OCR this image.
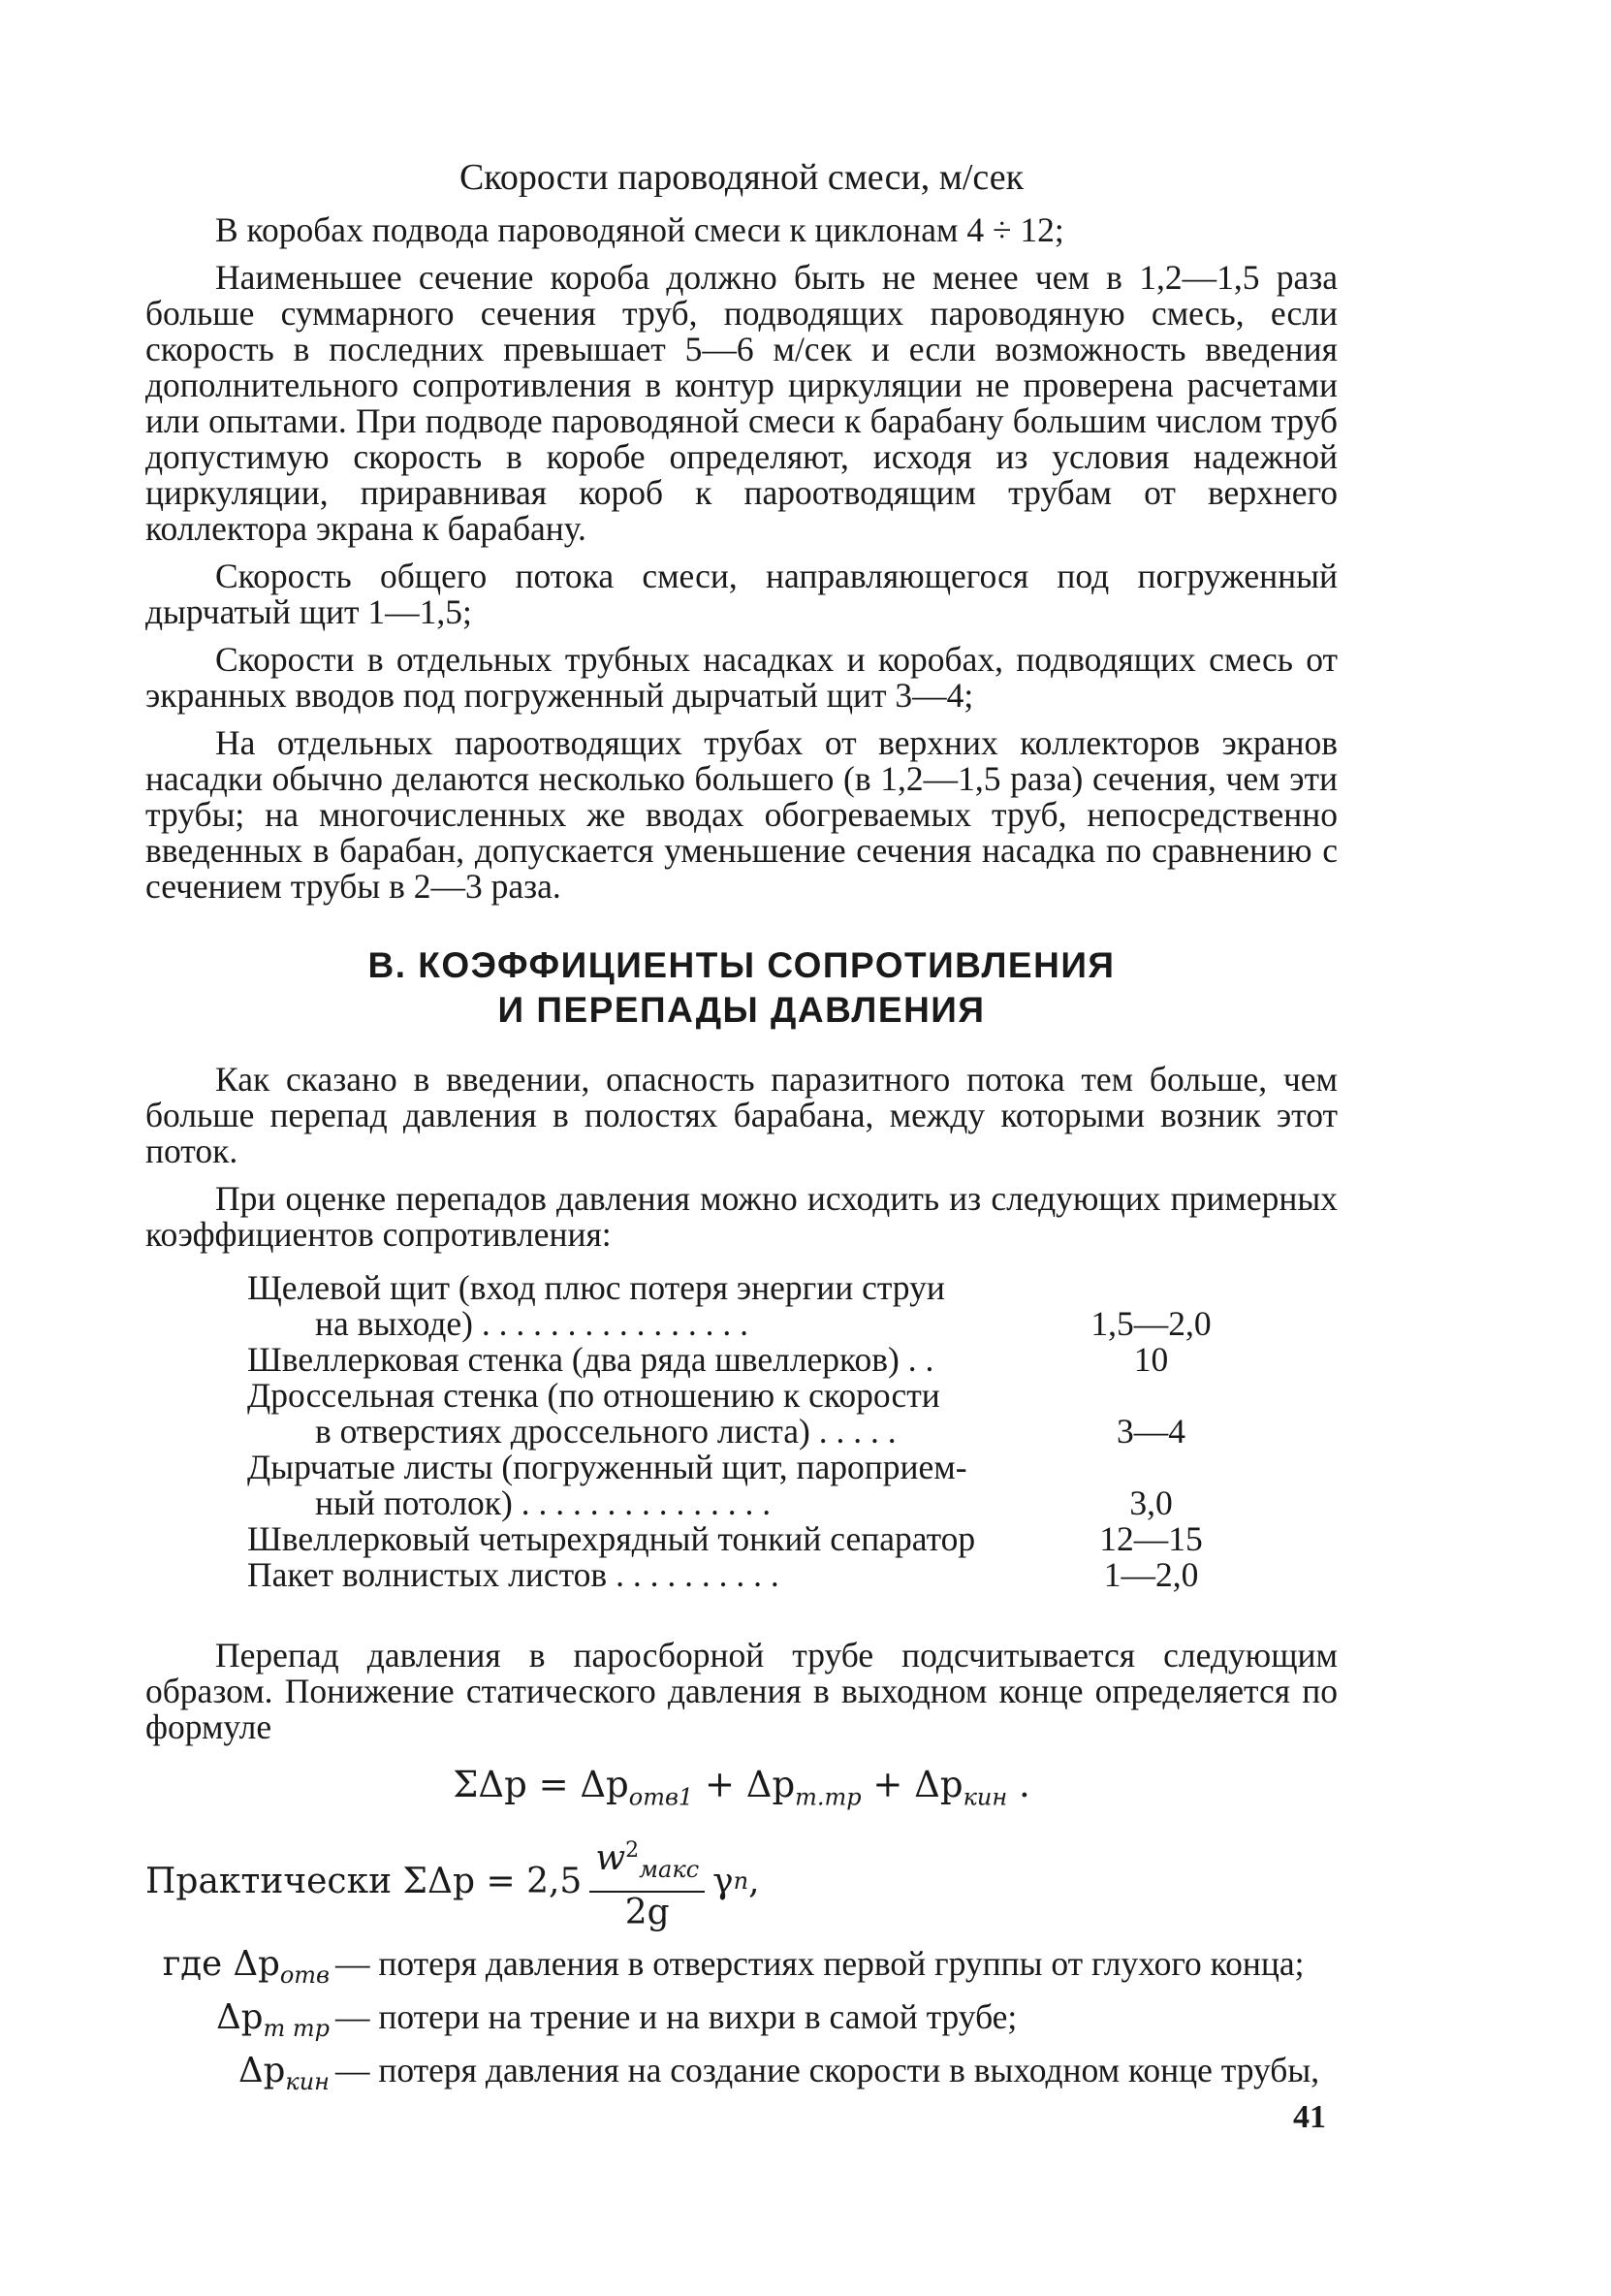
Скорости пароводяной смеси, м/сек

В коробах подвода пароводяной смеси к циклонам 4 ÷ 12;

Наименьшее сечение короба должно быть не менее чем в 1,2—1,5 раза больше суммарного сечения труб, подводящих пароводяную смесь, если скорость в последних превышает 5—6 м/сек и если возможность введения дополнительного сопротивления в контур циркуляции не проверена расчетами или опытами. При подводе пароводяной смеси к барабану большим числом труб допустимую скорость в коробе определяют, исходя из условия надежной циркуляции, приравнивая короб к пароотводящим трубам от верхнего коллектора экрана к барабану.

Скорость общего потока смеси, направляющегося под погруженный дырчатый щит 1—1,5;

Скорости в отдельных трубных насадках и коробах, подводящих смесь от экранных вводов под погруженный дырчатый щит 3—4;

На отдельных пароотводящих трубах от верхних коллекторов экранов насадки обычно делаются несколько большего (в 1,2—1,5 раза) сечения, чем эти трубы; на многочисленных же вводах обогреваемых труб, непосредственно введенных в барабан, допускается уменьшение сечения насадка по сравнению с сечением трубы в 2—3 раза.

В. КОЭФФИЦИЕНТЫ СОПРОТИВЛЕНИЯ
И ПЕРЕПАДЫ ДАВЛЕНИЯ

Как сказано в введении, опасность паразитного потока тем больше, чем больше перепад давления в полостях барабана, между которыми возник этот поток.

При оценке перепадов давления можно исходить из следующих примерных коэффициентов сопротивления:

Щелевой щит (вход плюс потеря энергии струи
на выходе) . . . . . . . . . . . . . . . .	1,5—2,0
Швеллерковая стенка (два ряда швеллерков) . .	10
Дроссельная стенка (по отношению к скорости
в отверстиях дроссельного листа) . . . . .	3—4
Дырчатые листы (погруженный щит, пароприем-
ный потолок) . . . . . . . . . . . . . . .	3,0
Швеллерковый четырехрядный тонкий сепаратор	12—15
Пакет волнистых листов . . . . . . . . . .	1—2,0

Перепад давления в паросборной трубе подсчитывается следующим образом. Понижение статического давления в выходном конце определяется по формуле

$\Sigma\Delta p = \Delta p_{отв1} + \Delta p_{т.тр} + \Delta p_{кин}$ .
Практически $\Sigma\Delta p = 2,5 \frac{w^2_{макс}}{2g}$ γ п ,
где $\Delta p_{отв}$ — потеря давления в отверстиях первой группы от глухого конца;
$\Delta p_{т тр}$ — потери на трение и на вихри в самой трубе;
$\Delta p_{кин}$ — потеря давления на создание скорости в выходном конце трубы,
41
